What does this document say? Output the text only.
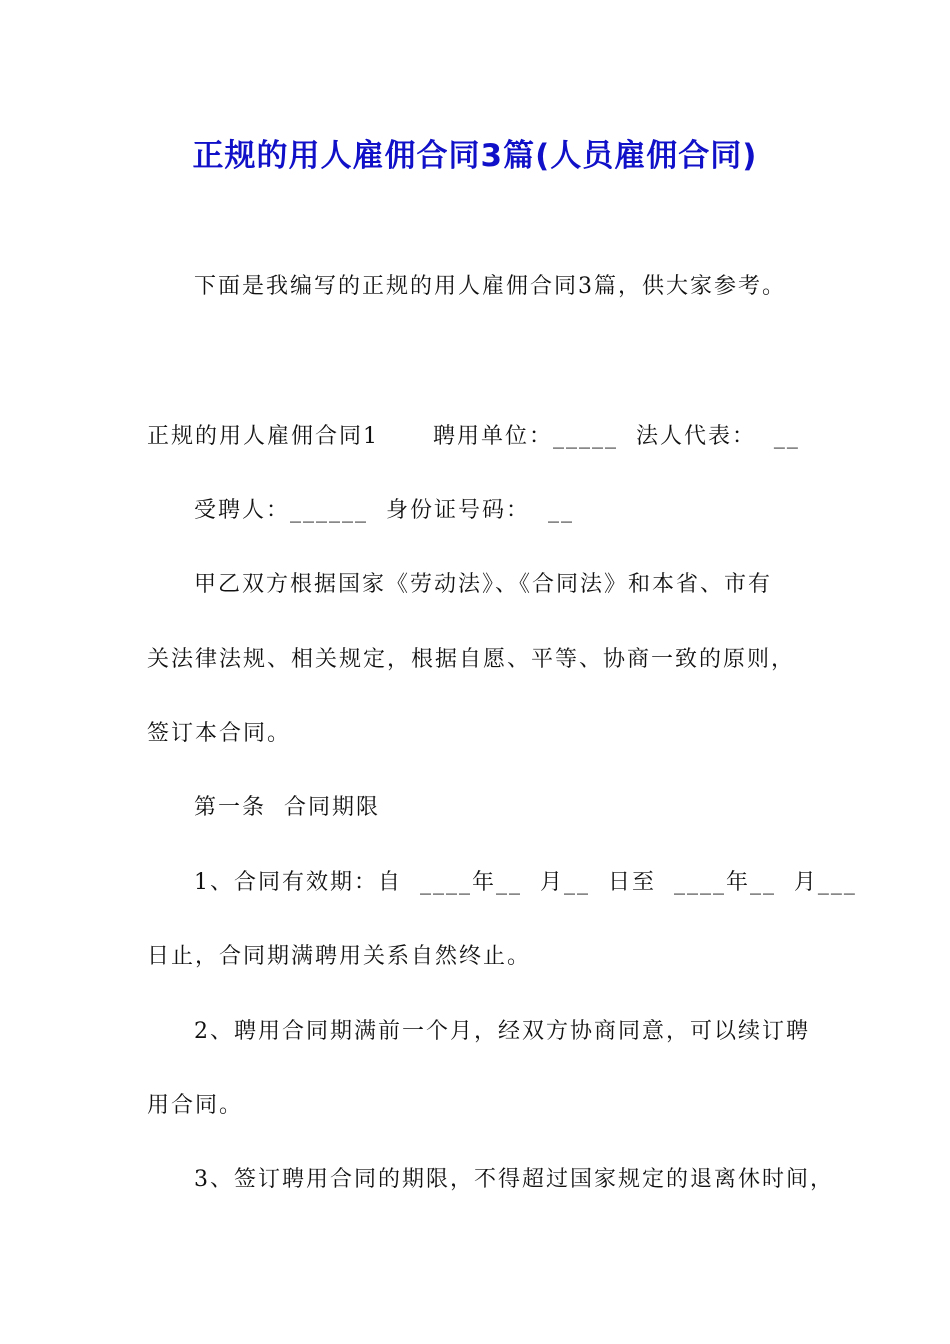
正规的用人雇佣合同3篇(人员雇佣合同)
下面是我编写的正规的用人雇佣合同3篇，供大家参考。
正规的用人雇佣合同1      聘用单位：_____  法人代表：  __
受聘人：______  身份证号码：  __
甲乙双方根据国家《劳动法》、《合同法》和本省、市有
关法律法规、相关规定，根据自愿、平等、协商一致的原则，
签订本合同。
第一条  合同期限
1、合同有效期：自  ____年__  月__  日至  ____年__  月___
日止，合同期满聘用关系自然终止。
2、聘用合同期满前一个月，经双方协商同意，可以续订聘
用合同。
3、签订聘用合同的期限，不得超过国家规定的退离休时间，
